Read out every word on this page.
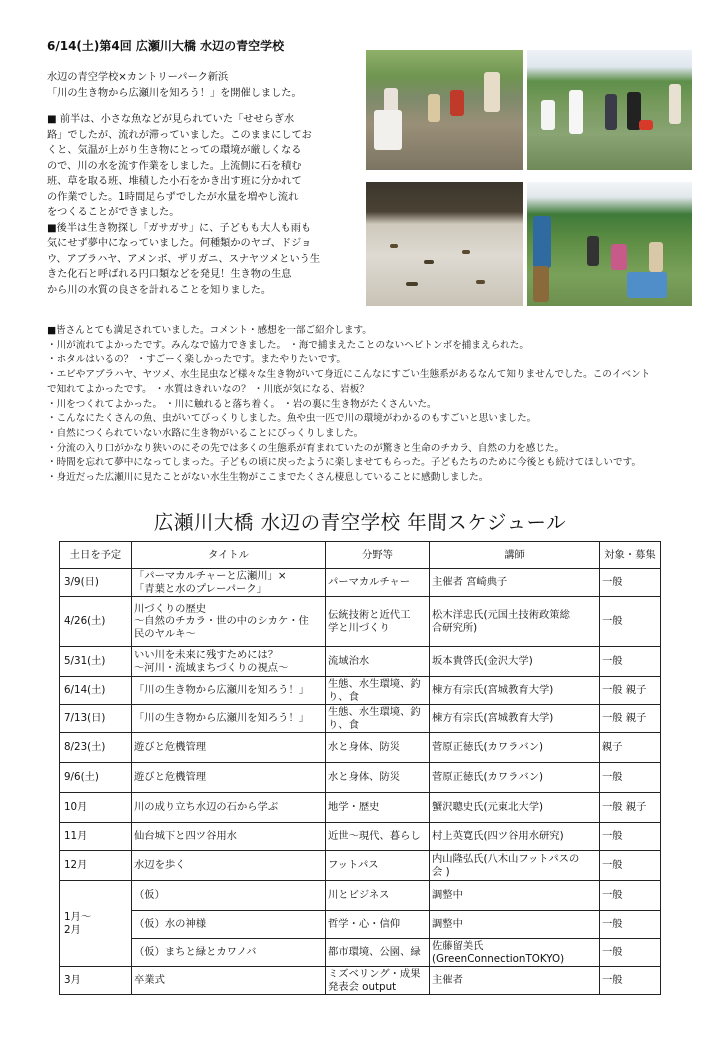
6/14(土)第4回 広瀬川大橋 水辺の青空学校

水辺の青空学校×カントリーパーク新浜

「川の生き物から広瀬川を知ろう！」を開催しました。

■ 前半は、小さな魚などが見られていた「せせらぎ水

路」でしたが、流れが滞っていました。このままにしてお

くと、気温が上がり生き物にとっての環境が厳しくなる

ので、川の水を流す作業をしました。上流側に石を積む

班、草を取る班、堆積した小石をかき出す班に分かれて

の作業でした。1時間足らずでしたが水量を増やし流れ

をつくることができました。

■後半は生き物探し「ガサガサ」に、子どもも大人も雨も

気にせず夢中になっていました。何種類かのヤゴ、ドジョ

ウ、アブラハヤ、アメンボ、ザリガニ、スナヤツメという生

きた化石と呼ばれる円口類などを発見！生き物の生息

から川の水質の良さを計れることを知りました。

■皆さんとても満足されていました。コメント・感想を一部ご紹介します。

・川が流れてよかったです。みんなで協力できました。 ・海で捕まえたことのないヘビトンボを捕まえられた。

・ホタルはいるの？ ・すごーく楽しかったです。またやりたいです。

・エビやアブラハヤ、ヤツメ、水生昆虫など様々な生き物がいて身近にこんなにすごい生態系があるなんて知りませんでした。このイベント

で知れてよかったです。 ・水質はきれいなの？ ・川底が気になる、岩板？

・川をつくれてよかった。 ・川に触れると落ち着く。 ・岩の裏に生き物がたくさんいた。

・こんなにたくさんの魚、虫がいてびっくりしました。魚や虫一匹で川の環境がわかるのもすごいと思いました。

・自然につくられていない水路に生き物がいることにびっくりしました。

・分流の入り口がかなり狭いのにその先では多くの生態系が育まれていたのが驚きと生命のチカラ、自然の力を感じた。

・時間を忘れて夢中になってしまった。子どもの頃に戻ったように楽しませてもらった。子どもたちのために今後とも続けてほしいです。

・身近だった広瀬川に見たことがない水生生物がここまでたくさん棲息していることに感動しました。

広瀬川大橋 水辺の青空学校 年間スケジュール
土日を予定	タイトル	分野等	講師	対象・募集
3/9(日)	「パーマカルチャーと広瀬川」×
「青葉と水のプレーパーク」	パーマカルチャー	主催者 宮崎典子	一般
4/26(土)	川づくりの歴史
～自然のチカラ・世の中のシカケ・住
民のヤルキ～	伝統技術と近代工
学と川づくり	松木洋忠氏(元国土技術政策総
合研究所)	一般
5/31(土)	いい川を未来に残すためには？
～河川・流域まちづくりの視点～	流域治水	坂本貴啓氏(金沢大学)	一般
6/14(土)	「川の生き物から広瀬川を知ろう！」	生態、水生環境、釣
り、食	棟方有宗氏(宮城教育大学)	一般 親子
7/13(日)	「川の生き物から広瀬川を知ろう！」	生態、水生環境、釣
り、食	棟方有宗氏(宮城教育大学)	一般 親子
8/23(土)	遊びと危機管理	水と身体、防災	菅原正徳氏(カワラバン)	親子
9/6(土)	遊びと危機管理	水と身体、防災	菅原正徳氏(カワラバン)	一般
10月	川の成り立ち水辺の石から学ぶ	地学・歴史	蟹沢聰史氏(元東北大学)	一般 親子
11月	仙台城下と四ツ谷用水	近世～現代、暮らし	村上英寛氏(四ツ谷用水研究)	一般
12月	水辺を歩く	フットパス	内山隆弘氏(八木山フットパスの
会 )	一般
1月～
2月	（仮）	川とビジネス	調整中	一般
	（仮）水の神様	哲学・心・信仰	調整中	一般
	（仮）まちと緑とカワノバ	都市環境、公園、緑	佐藤留美氏
(GreenConnectionTOKYO)	一般
3月	卒業式	ミズベリング・成果
発表会 output	主催者	一般
